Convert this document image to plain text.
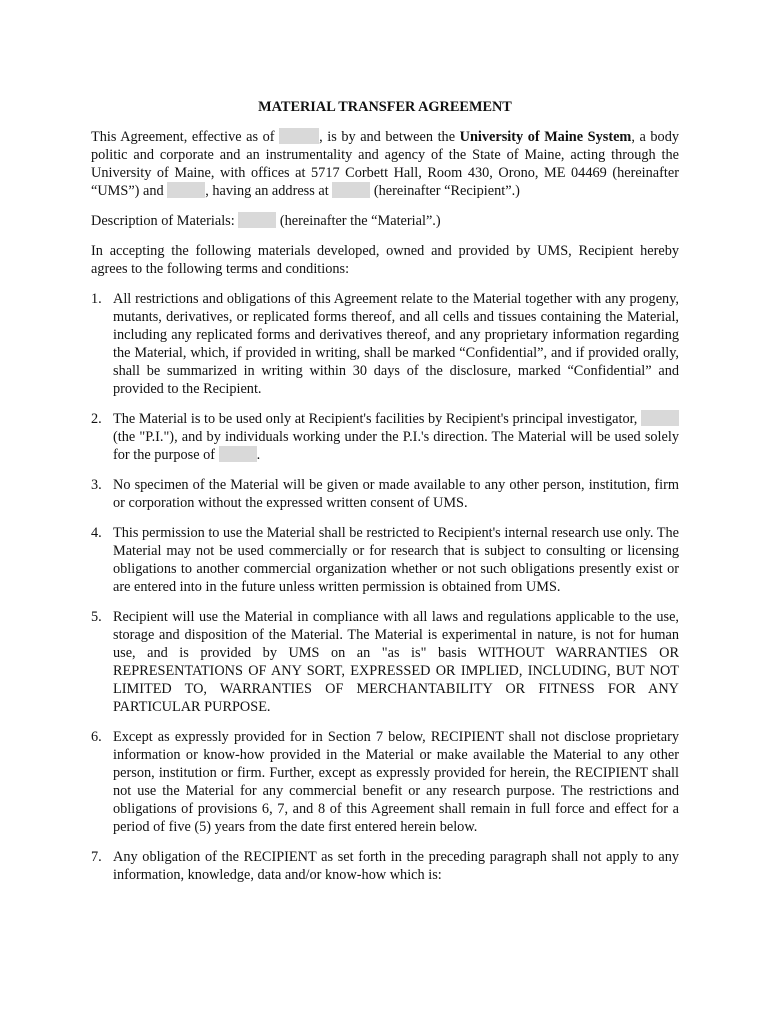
MATERIAL TRANSFER AGREEMENT

This Agreement, effective as of	, is by and between the University of Maine System, a body politic and corporate and an instrumentality and agency of the State of Maine, acting through the University of Maine, with offices at 5717 Corbett Hall, Room 430, Orono, ME 04469 (hereinafter “UMS”) and	, having an address at	(hereinafter “Recipient”.)

Description of Materials:	(hereinafter the “Material”.)

In accepting the following materials developed, owned and provided by UMS, Recipient hereby agrees to the following terms and conditions:

1. All restrictions and obligations of this Agreement relate to the Material together with any progeny, mutants, derivatives, or replicated forms thereof, and all cells and tissues containing the Material, including any replicated forms and derivatives thereof, and any proprietary information regarding the Material, which, if provided in writing, shall be marked “Confidential”, and if provided orally, shall be summarized in writing within 30 days of the disclosure, marked “Confidential” and provided to the Recipient.
2. The Material is to be used only at Recipient's facilities by Recipient's principal investigator,  (the "P.I."), and by individuals working under the P.I.'s direction. The Material will be used solely for the purpose of	.
3. No specimen of the Material will be given or made available to any other person, institution, firm or corporation without the expressed written consent of UMS.
4. This permission to use the Material shall be restricted to Recipient's internal research use only. The Material may not be used commercially or for research that is subject to consulting or licensing obligations to another commercial organization whether or not such obligations presently exist or are entered into in the future unless written permission is obtained from UMS.
5. Recipient will use the Material in compliance with all laws and regulations applicable to the use, storage and disposition of the Material. The Material is experimental in nature, is not for human use, and is provided by UMS on an "as is" basis WITHOUT WARRANTIES OR REPRESENTATIONS OF ANY SORT, EXPRESSED OR IMPLIED, INCLUDING, BUT NOT LIMITED TO, WARRANTIES OF MERCHANTABILITY OR FITNESS FOR ANY PARTICULAR PURPOSE.
6. Except as expressly provided for in Section 7 below, RECIPIENT shall not disclose proprietary information or know-how provided in the Material or make available the Material to any other person, institution or firm. Further, except as expressly provided for herein, the RECIPIENT shall not use the Material for any commercial benefit or any research purpose. The restrictions and obligations of provisions 6, 7, and 8 of this Agreement shall remain in full force and effect for a period of five (5) years from the date first entered herein below.
7. Any obligation of the RECIPIENT as set forth in the preceding paragraph shall not apply to any information, knowledge, data and/or know-how which is:
